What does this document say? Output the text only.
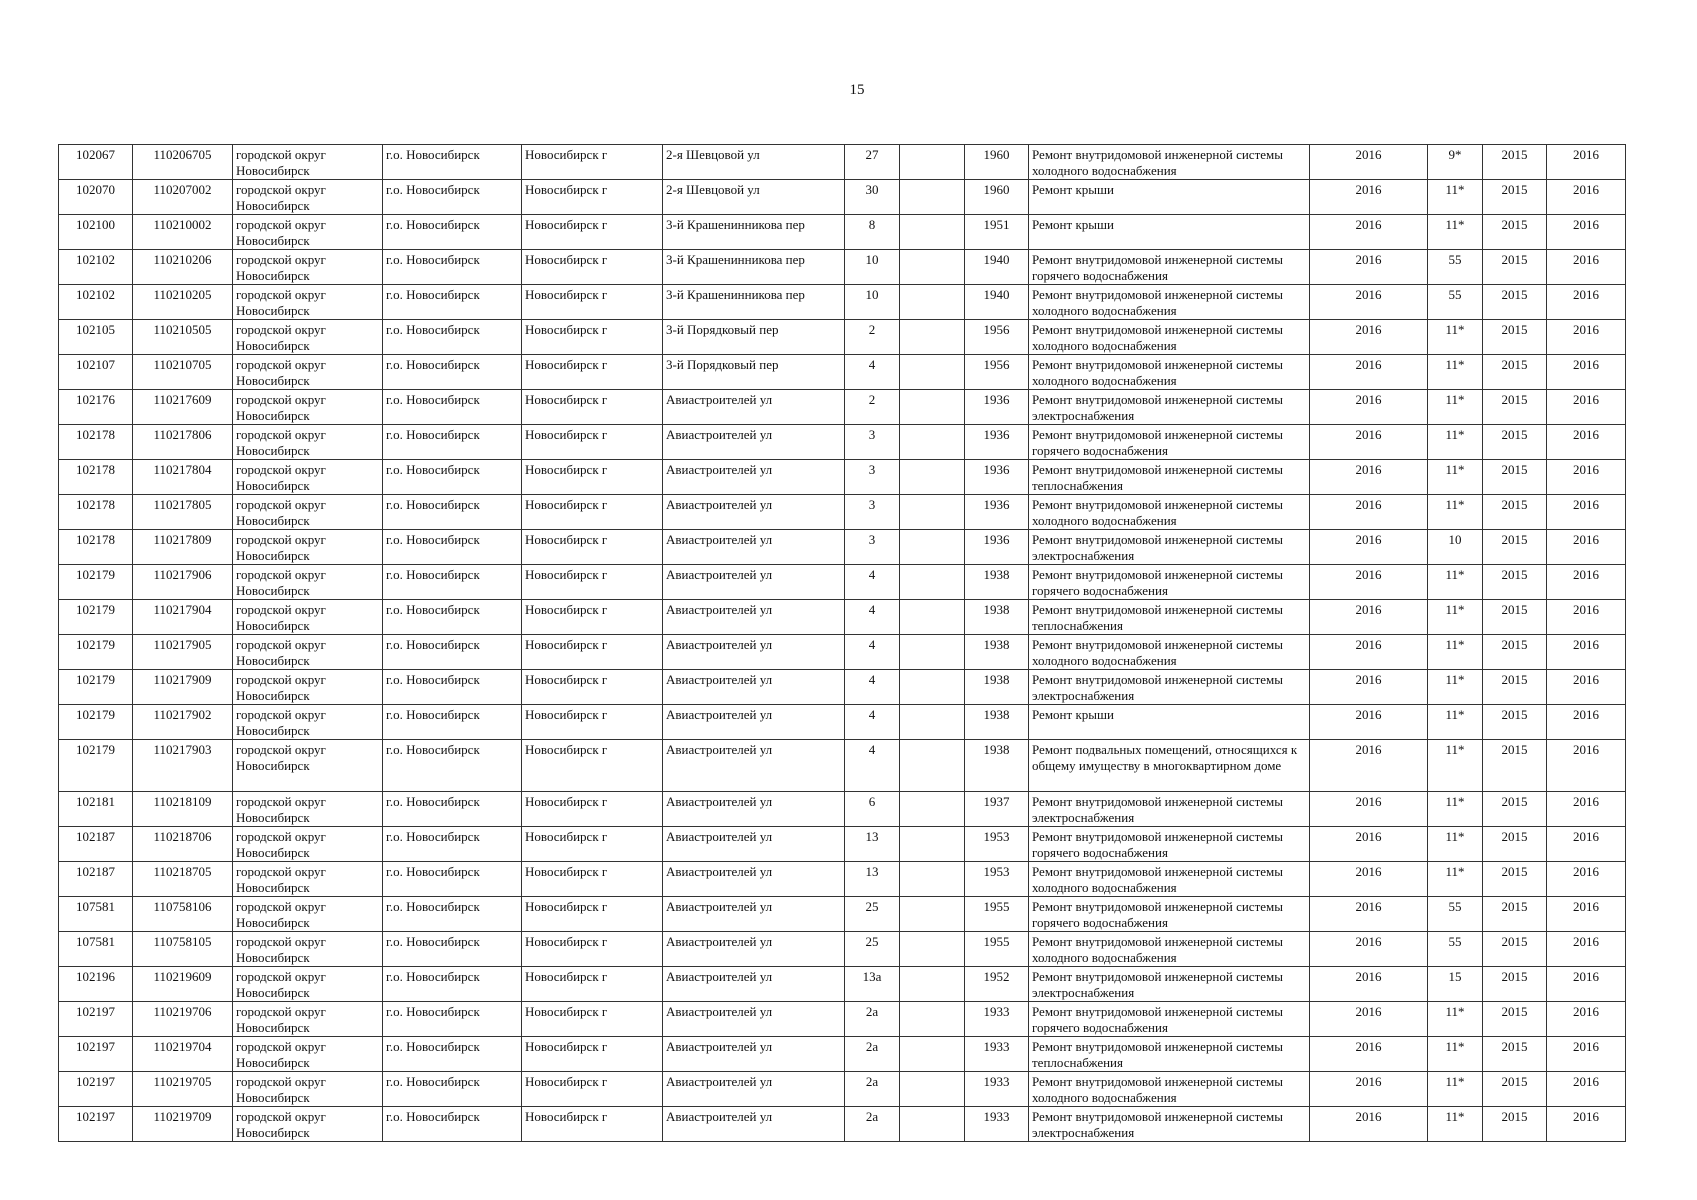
15
102067	110206705	городской округ Новосибирск	г.о. Новосибирск	Новосибирск г	2-я Шевцовой ул	27		1960	Ремонт внутридомовой инженерной системы холодного водоснабжения	2016	9*	2015	2016
102070	110207002	городской округ Новосибирск	г.о. Новосибирск	Новосибирск г	2-я Шевцовой ул	30		1960	Ремонт крыши	2016	11*	2015	2016
102100	110210002	городской округ Новосибирск	г.о. Новосибирск	Новосибирск г	3-й Крашенинникова пер	8		1951	Ремонт крыши	2016	11*	2015	2016
102102	110210206	городской округ Новосибирск	г.о. Новосибирск	Новосибирск г	3-й Крашенинникова пер	10		1940	Ремонт внутридомовой инженерной системы горячего водоснабжения	2016	55	2015	2016
102102	110210205	городской округ Новосибирск	г.о. Новосибирск	Новосибирск г	3-й Крашенинникова пер	10		1940	Ремонт внутридомовой инженерной системы холодного водоснабжения	2016	55	2015	2016
102105	110210505	городской округ Новосибирск	г.о. Новосибирск	Новосибирск г	3-й Порядковый пер	2		1956	Ремонт внутридомовой инженерной системы холодного водоснабжения	2016	11*	2015	2016
102107	110210705	городской округ Новосибирск	г.о. Новосибирск	Новосибирск г	3-й Порядковый пер	4		1956	Ремонт внутридомовой инженерной системы холодного водоснабжения	2016	11*	2015	2016
102176	110217609	городской округ Новосибирск	г.о. Новосибирск	Новосибирск г	Авиастроителей ул	2		1936	Ремонт внутридомовой инженерной системы электроснабжения	2016	11*	2015	2016
102178	110217806	городской округ Новосибирск	г.о. Новосибирск	Новосибирск г	Авиастроителей ул	3		1936	Ремонт внутридомовой инженерной системы горячего водоснабжения	2016	11*	2015	2016
102178	110217804	городской округ Новосибирск	г.о. Новосибирск	Новосибирск г	Авиастроителей ул	3		1936	Ремонт внутридомовой инженерной системы теплоснабжения	2016	11*	2015	2016
102178	110217805	городской округ Новосибирск	г.о. Новосибирск	Новосибирск г	Авиастроителей ул	3		1936	Ремонт внутридомовой инженерной системы холодного водоснабжения	2016	11*	2015	2016
102178	110217809	городской округ Новосибирск	г.о. Новосибирск	Новосибирск г	Авиастроителей ул	3		1936	Ремонт внутридомовой инженерной системы электроснабжения	2016	10	2015	2016
102179	110217906	городской округ Новосибирск	г.о. Новосибирск	Новосибирск г	Авиастроителей ул	4		1938	Ремонт внутридомовой инженерной системы горячего водоснабжения	2016	11*	2015	2016
102179	110217904	городской округ Новосибирск	г.о. Новосибирск	Новосибирск г	Авиастроителей ул	4		1938	Ремонт внутридомовой инженерной системы теплоснабжения	2016	11*	2015	2016
102179	110217905	городской округ Новосибирск	г.о. Новосибирск	Новосибирск г	Авиастроителей ул	4		1938	Ремонт внутридомовой инженерной системы холодного водоснабжения	2016	11*	2015	2016
102179	110217909	городской округ Новосибирск	г.о. Новосибирск	Новосибирск г	Авиастроителей ул	4		1938	Ремонт внутридомовой инженерной системы электроснабжения	2016	11*	2015	2016
102179	110217902	городской округ Новосибирск	г.о. Новосибирск	Новосибирск г	Авиастроителей ул	4		1938	Ремонт крыши	2016	11*	2015	2016
102179	110217903	городской округ Новосибирск	г.о. Новосибирск	Новосибирск г	Авиастроителей ул	4		1938	Ремонт подвальных помещений, относящихся к общему имуществу в многоквартирном доме	2016	11*	2015	2016
102181	110218109	городской округ Новосибирск	г.о. Новосибирск	Новосибирск г	Авиастроителей ул	6		1937	Ремонт внутридомовой инженерной системы электроснабжения	2016	11*	2015	2016
102187	110218706	городской округ Новосибирск	г.о. Новосибирск	Новосибирск г	Авиастроителей ул	13		1953	Ремонт внутридомовой инженерной системы горячего водоснабжения	2016	11*	2015	2016
102187	110218705	городской округ Новосибирск	г.о. Новосибирск	Новосибирск г	Авиастроителей ул	13		1953	Ремонт внутридомовой инженерной системы холодного водоснабжения	2016	11*	2015	2016
107581	110758106	городской округ Новосибирск	г.о. Новосибирск	Новосибирск г	Авиастроителей ул	25		1955	Ремонт внутридомовой инженерной системы горячего водоснабжения	2016	55	2015	2016
107581	110758105	городской округ Новосибирск	г.о. Новосибирск	Новосибирск г	Авиастроителей ул	25		1955	Ремонт внутридомовой инженерной системы холодного водоснабжения	2016	55	2015	2016
102196	110219609	городской округ Новосибирск	г.о. Новосибирск	Новосибирск г	Авиастроителей ул	13а		1952	Ремонт внутридомовой инженерной системы электроснабжения	2016	15	2015	2016
102197	110219706	городской округ Новосибирск	г.о. Новосибирск	Новосибирск г	Авиастроителей ул	2а		1933	Ремонт внутридомовой инженерной системы горячего водоснабжения	2016	11*	2015	2016
102197	110219704	городской округ Новосибирск	г.о. Новосибирск	Новосибирск г	Авиастроителей ул	2а		1933	Ремонт внутридомовой инженерной системы теплоснабжения	2016	11*	2015	2016
102197	110219705	городской округ Новосибирск	г.о. Новосибирск	Новосибирск г	Авиастроителей ул	2а		1933	Ремонт внутридомовой инженерной системы холодного водоснабжения	2016	11*	2015	2016
102197	110219709	городской округ Новосибирск	г.о. Новосибирск	Новосибирск г	Авиастроителей ул	2а		1933	Ремонт внутридомовой инженерной системы электроснабжения	2016	11*	2015	2016
